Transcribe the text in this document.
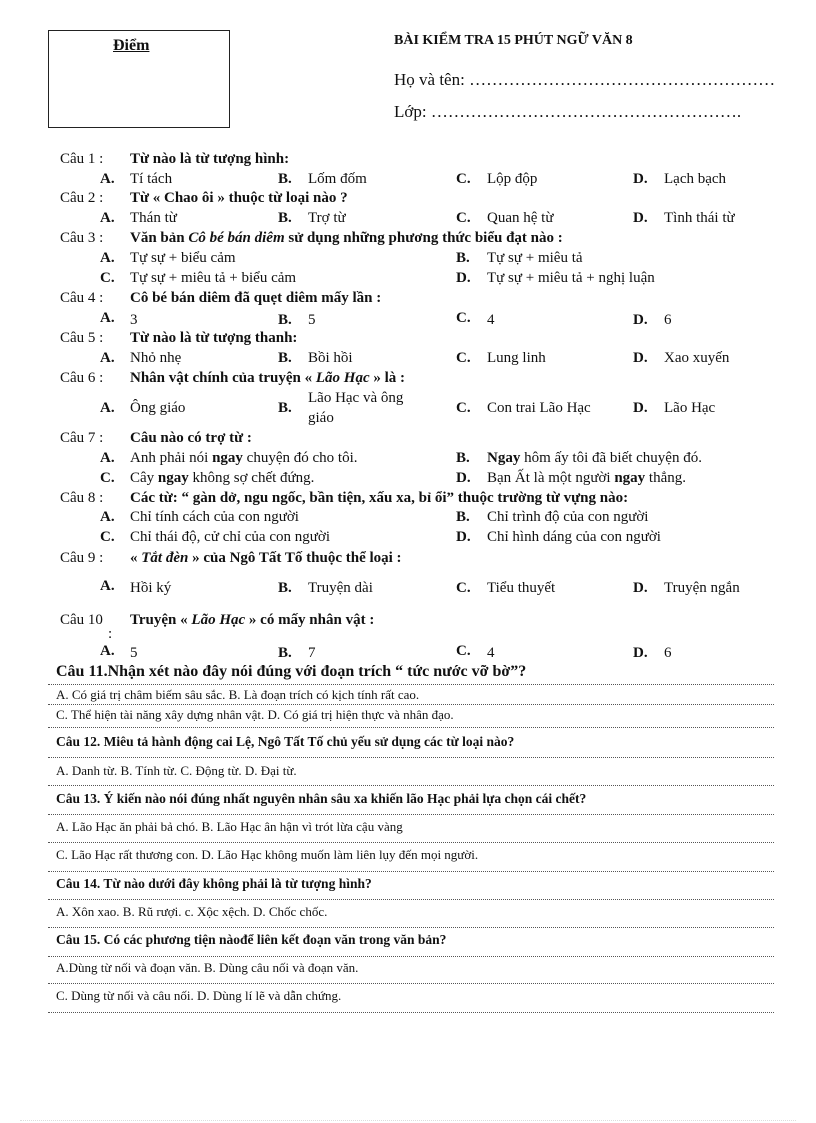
Điểm	BÀI KIỂM TRA 15 PHÚT NGỮ VĂN 8
Họ và tên: ………………………………………………
Lớp: ……………………………………………….
Câu 1 : Từ nào là từ tượng hình:
A. Tí tách	B. Lốm đốm	C. Lộp độp	D. Lạch bạch
Câu 2 : Từ « Chao ôi » thuộc từ loại nào ?
A. Thán từ	B. Trợ từ	C. Quan hệ từ	D. Tình thái từ
Câu 3 : Văn bản Cô bé bán diêm sử dụng những phương thức biểu đạt nào :
A. Tự sự + biểu cảm	B. Tự sự + miêu tả
C. Tự sự + miêu tả + biểu cảm	D. Tự sự + miêu tả + nghị luận
Câu 4 : Cô bé bán diêm đã quẹt diêm mấy lần :
A. 3	B. 5	C. 4	D. 6
Câu 5 : Từ nào là từ tượng thanh:
A. Nhỏ nhẹ	B. Bồi hồi	C. Lung linh	D. Xao xuyến
Câu 6 : Nhân vật chính của truyện « Lão Hạc » là :
A. Ông giáo	B.
Lão Hạc và ông
giáo
C. Con trai Lão Hạc	D. Lão Hạc
Câu 7 : Câu nào có trợ từ :
A. Anh phải nói ngay chuyện đó cho tôi.	B. Ngay hôm ấy tôi đã biết chuyện đó.
C. Cây ngay không sợ chết đứng.	D. Bạn Ất là một người ngay thẳng.
Câu 8 : Các từ: “ gàn dở, ngu ngốc, bần tiện, xấu xa, bỉ ổi” thuộc trường từ vựng nào:
A. Chỉ tính cách của con người	B. Chỉ trình độ của con người
C. Chỉ thái độ, cử chỉ của con người	D. Chỉ hình dáng của con người
Câu 9 : « Tắt đèn » của Ngô Tất Tố thuộc thể loại :
A. Hồi ký	B. Truyện dài	C. Tiểu thuyết	D. Truyện ngắn
Câu 10
:
Truyện « Lão Hạc » có mấy nhân vật :
A. 5	B. 7	C. 4	D. 6
Câu 11.Nhận xét nào đây nói đúng với đoạn trích “ tức nước vỡ bờ”?
A. Có giá trị châm biếm sâu sắc. B. Là đoạn trích có kịch tính rất cao.
C. Thể hiện tài năng xây dựng nhân vật. D. Có giá trị hiện thực và nhân đạo.
Câu 12. Miêu tả hành động cai Lệ, Ngô Tất Tố chủ yếu sử dụng các từ loại nào?
A. Danh từ. B. Tính từ. C. Động từ. D. Đại từ.
Câu 13. Ý kiến nào nói đúng nhất nguyên nhân sâu xa khiến lão Hạc phải lựa chọn cái chết?
A. Lão Hạc ăn phải bả chó. B. Lão Hạc ân hận vì trót lừa cậu vàng
C. Lão Hạc rất thương con. D. Lão Hạc không muốn làm liên lụy đến mọi người.
Câu 14. Từ nào dưới đây không phải là từ tượng hình?
A. Xôn xao. B. Rũ rượi. c. Xộc xệch. D. Chốc chốc.
Câu 15. Có các phương tiện nàođể liên kết đoạn văn trong văn bản?
A.Dùng từ nối và đoạn văn. B. Dùng câu nối và đoạn văn.
C. Dùng từ nối và câu nối. D. Dùng lí lẽ và dẫn chứng.
